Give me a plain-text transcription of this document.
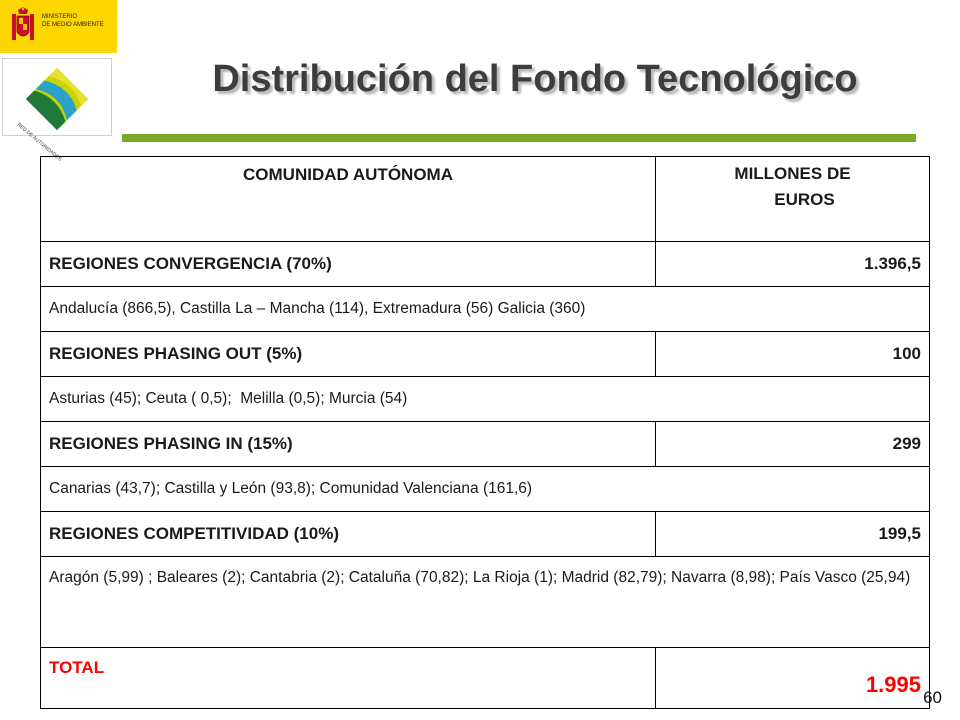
MINISTERIO
DE MEDIO AMBIENTE
RED DE AUTORIDADES
Distribución del Fondo Tecnológico
COMUNIDAD AUTÓNOMA	MILLONES DE
EUROS

REGIONES CONVERGENCIA (70%)	1.396,5
Andalucía (866,5), Castilla La – Mancha (114), Extremadura (56) Galicia (360)	
REGIONES PHASING OUT (5%)	100
Asturias (45); Ceuta ( 0,5);  Melilla (0,5); Murcia (54)	
REGIONES PHASING IN (15%)	299
Canarias (43,7); Castilla y León (93,8); Comunidad Valenciana (161,6)	
REGIONES COMPETITIVIDAD (10%)	199,5
Aragón (5,99) ; Baleares (2); Cantabria (2); Cataluña (70,82); La Rioja (1); Madrid (82,79); Navarra (8,98); País Vasco (25,94)	
TOTAL	1.995
60
